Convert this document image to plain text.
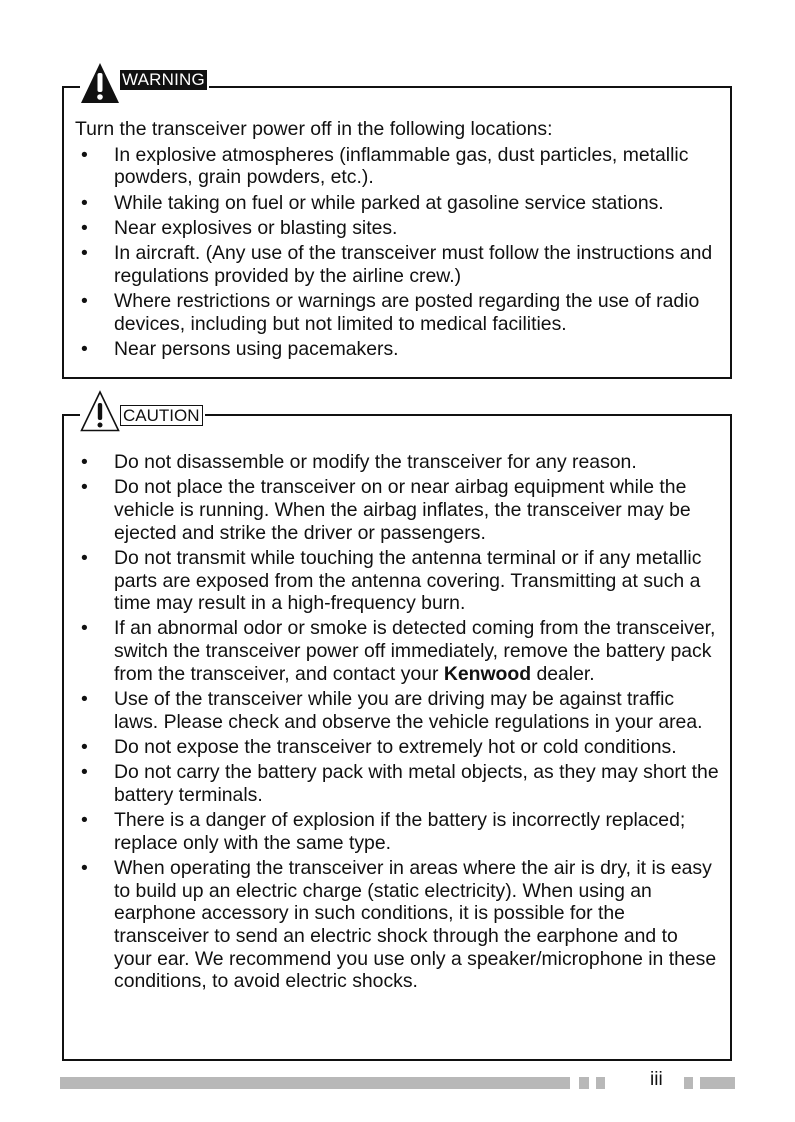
WARNING

Turn the transceiver power off in the following locations:

• In explosive atmospheres (inflammable gas, dust particles, metallic powders, grain powders, etc.).
• While taking on fuel or while parked at gasoline service stations.
• Near explosives or blasting sites.
• In aircraft. (Any use of the transceiver must follow the instructions and regulations provided by the airline crew.)
• Where restrictions or warnings are posted regarding the use of radio devices, including but not limited to medical facilities.
• Near persons using pacemakers.
CAUTION
• Do not disassemble or modify the transceiver for any reason.
• Do not place the transceiver on or near airbag equipment while the vehicle is running. When the airbag inflates, the transceiver may be ejected and strike the driver or passengers.
• Do not transmit while touching the antenna terminal or if any metallic parts are exposed from the antenna covering. Transmitting at such a time may result in a high-frequency burn.
• If an abnormal odor or smoke is detected coming from the transceiver, switch the transceiver power off immediately, remove the battery pack from the transceiver, and contact your Kenwood dealer.
• Use of the transceiver while you are driving may be against traffic laws. Please check and observe the vehicle regulations in your area.
• Do not expose the transceiver to extremely hot or cold conditions.
• Do not carry the battery pack with metal objects, as they may short the battery terminals.
• There is a danger of explosion if the battery is incorrectly replaced; replace only with the same type.
• When operating the transceiver in areas where the air is dry, it is easy to build up an electric charge (static electricity). When using an earphone accessory in such conditions, it is possible for the transceiver to send an electric shock through the earphone and to your ear. We recommend you use only a speaker/microphone in these conditions, to avoid electric shocks.
iii
